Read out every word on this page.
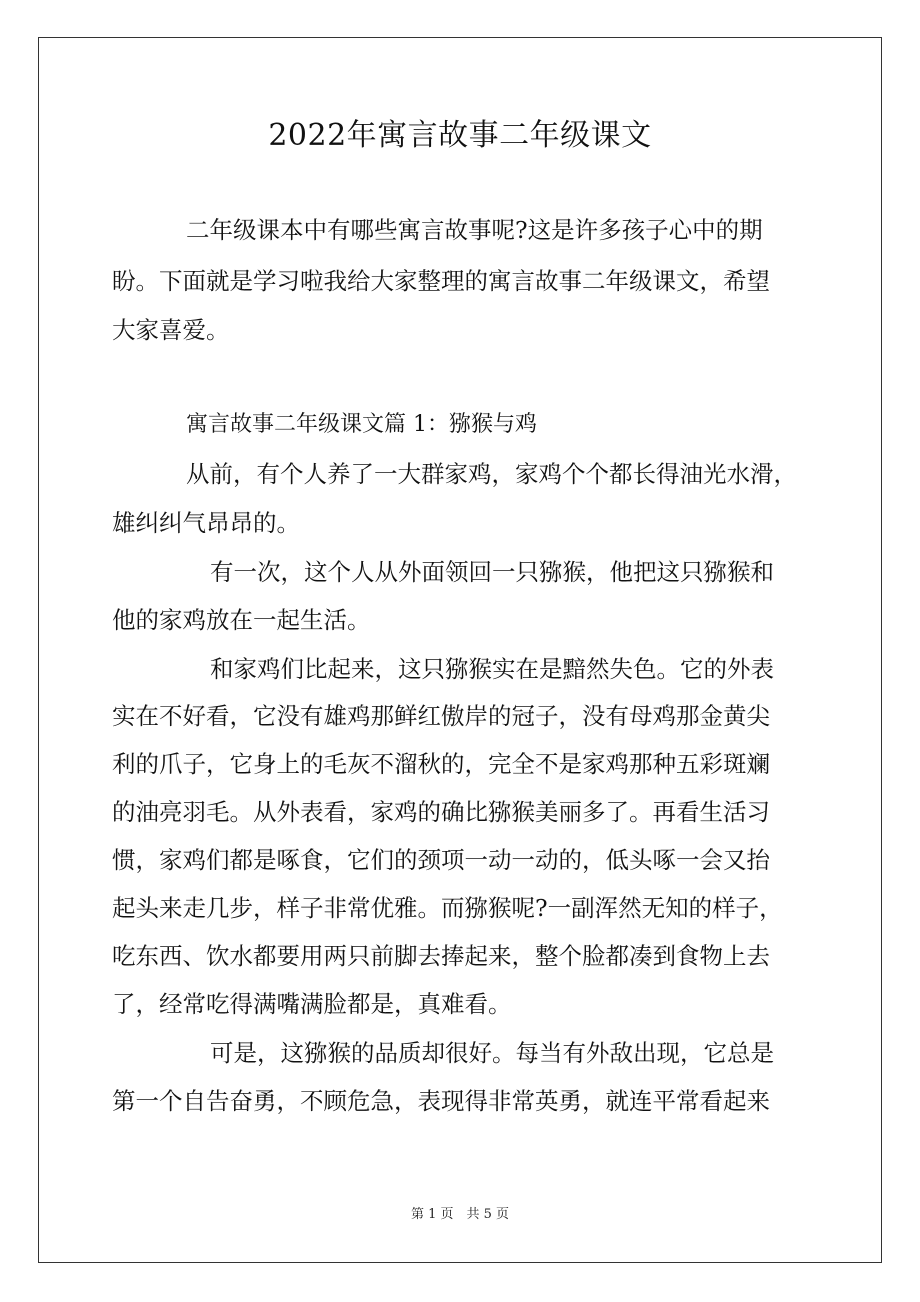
2022年寓言故事二年级课文

二年级课本中有哪些寓言故事呢?这是许多孩子心中的期

盼。下面就是学习啦我给大家整理的寓言故事二年级课文，希望

大家喜爱。

寓言故事二年级课文篇 1：猕猴与鸡

从前，有个人养了一大群家鸡，家鸡个个都长得油光水滑，

雄纠纠气昂昂的。

有一次，这个人从外面领回一只猕猴，他把这只猕猴和

他的家鸡放在一起生活。

和家鸡们比起来，这只猕猴实在是黯然失色。它的外表

实在不好看，它没有雄鸡那鲜红傲岸的冠子，没有母鸡那金黄尖

利的爪子，它身上的毛灰不溜秋的，完全不是家鸡那种五彩斑斓

的油亮羽毛。从外表看，家鸡的确比猕猴美丽多了。再看生活习

惯，家鸡们都是啄食，它们的颈项一动一动的，低头啄一会又抬

起头来走几步，样子非常优雅。而猕猴呢?一副浑然无知的样子，

吃东西、饮水都要用两只前脚去捧起来，整个脸都凑到食物上去

了，经常吃得满嘴满脸都是，真难看。

可是，这猕猴的品质却很好。每当有外敌出现，它总是

第一个自告奋勇，不顾危急，表现得非常英勇，就连平常看起来

第 1 页　共 5 页
